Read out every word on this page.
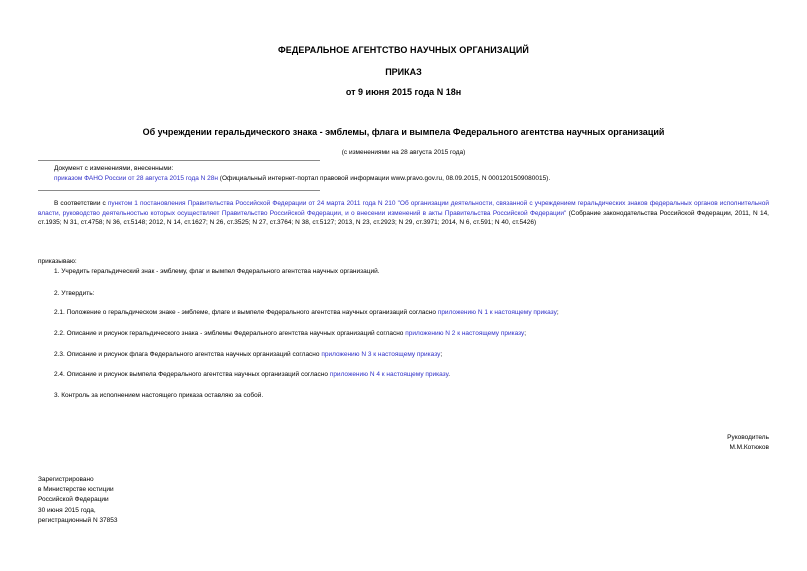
ФЕДЕРАЛЬНОЕ АГЕНТСТВО НАУЧНЫХ ОРГАНИЗАЦИЙ
ПРИКАЗ
от 9 июня 2015 года N 18н
Об учреждении геральдического знака - эмблемы, флага и вымпела Федерального агентства научных организаций
(с изменениями на 28 августа 2015 года)
Документ с изменениями, внесенными:
приказом ФАНО России от 28 августа 2015 года N 28н (Официальный интернет-портал правовой информации www.pravo.gov.ru, 08.09.2015, N 0001201509080015).
В соответствии с пунктом 1 постановления Правительства Российской Федерации от 24 марта 2011 года N 210 "Об организации деятельности, связанной с учреждением геральдических знаков федеральных органов исполнительной власти, руководство деятельностью которых осуществляет Правительство Российской Федерации, и о внесении изменений в акты Правительства Российской Федерации" (Собрание законодательства Российской Федерации, 2011, N 14, ст.1935; N 31, ст.4758; N 36, ст.5148; 2012, N 14, ст.1627; N 26, ст.3525; N 27, ст.3764; N 38, ст.5127; 2013, N 23, ст.2923; N 29, ст.3971; 2014, N 6, ст.591; N 40, ст.5426)
приказываю:
1. Учредить геральдический знак - эмблему, флаг и вымпел Федерального агентства научных организаций.
2. Утвердить:
2.1. Положение о геральдическом знаке - эмблеме, флаге и вымпеле Федерального агентства научных организаций согласно приложению N 1 к настоящему приказу;
2.2. Описание и рисунок геральдического знака - эмблемы Федерального агентства научных организаций согласно приложению N 2 к настоящему приказу;
2.3. Описание и рисунок флага Федерального агентства научных организаций согласно приложению N 3 к настоящему приказу;
2.4. Описание и рисунок вымпела Федерального агентства научных организаций согласно приложению N 4 к настоящему приказу.
3. Контроль за исполнением настоящего приказа оставляю за собой.
Руководитель
М.М.Котюков
Зарегистрировано
в Министерстве юстиции
Российской Федерации
30 июня 2015 года,
регистрационный N 37853
